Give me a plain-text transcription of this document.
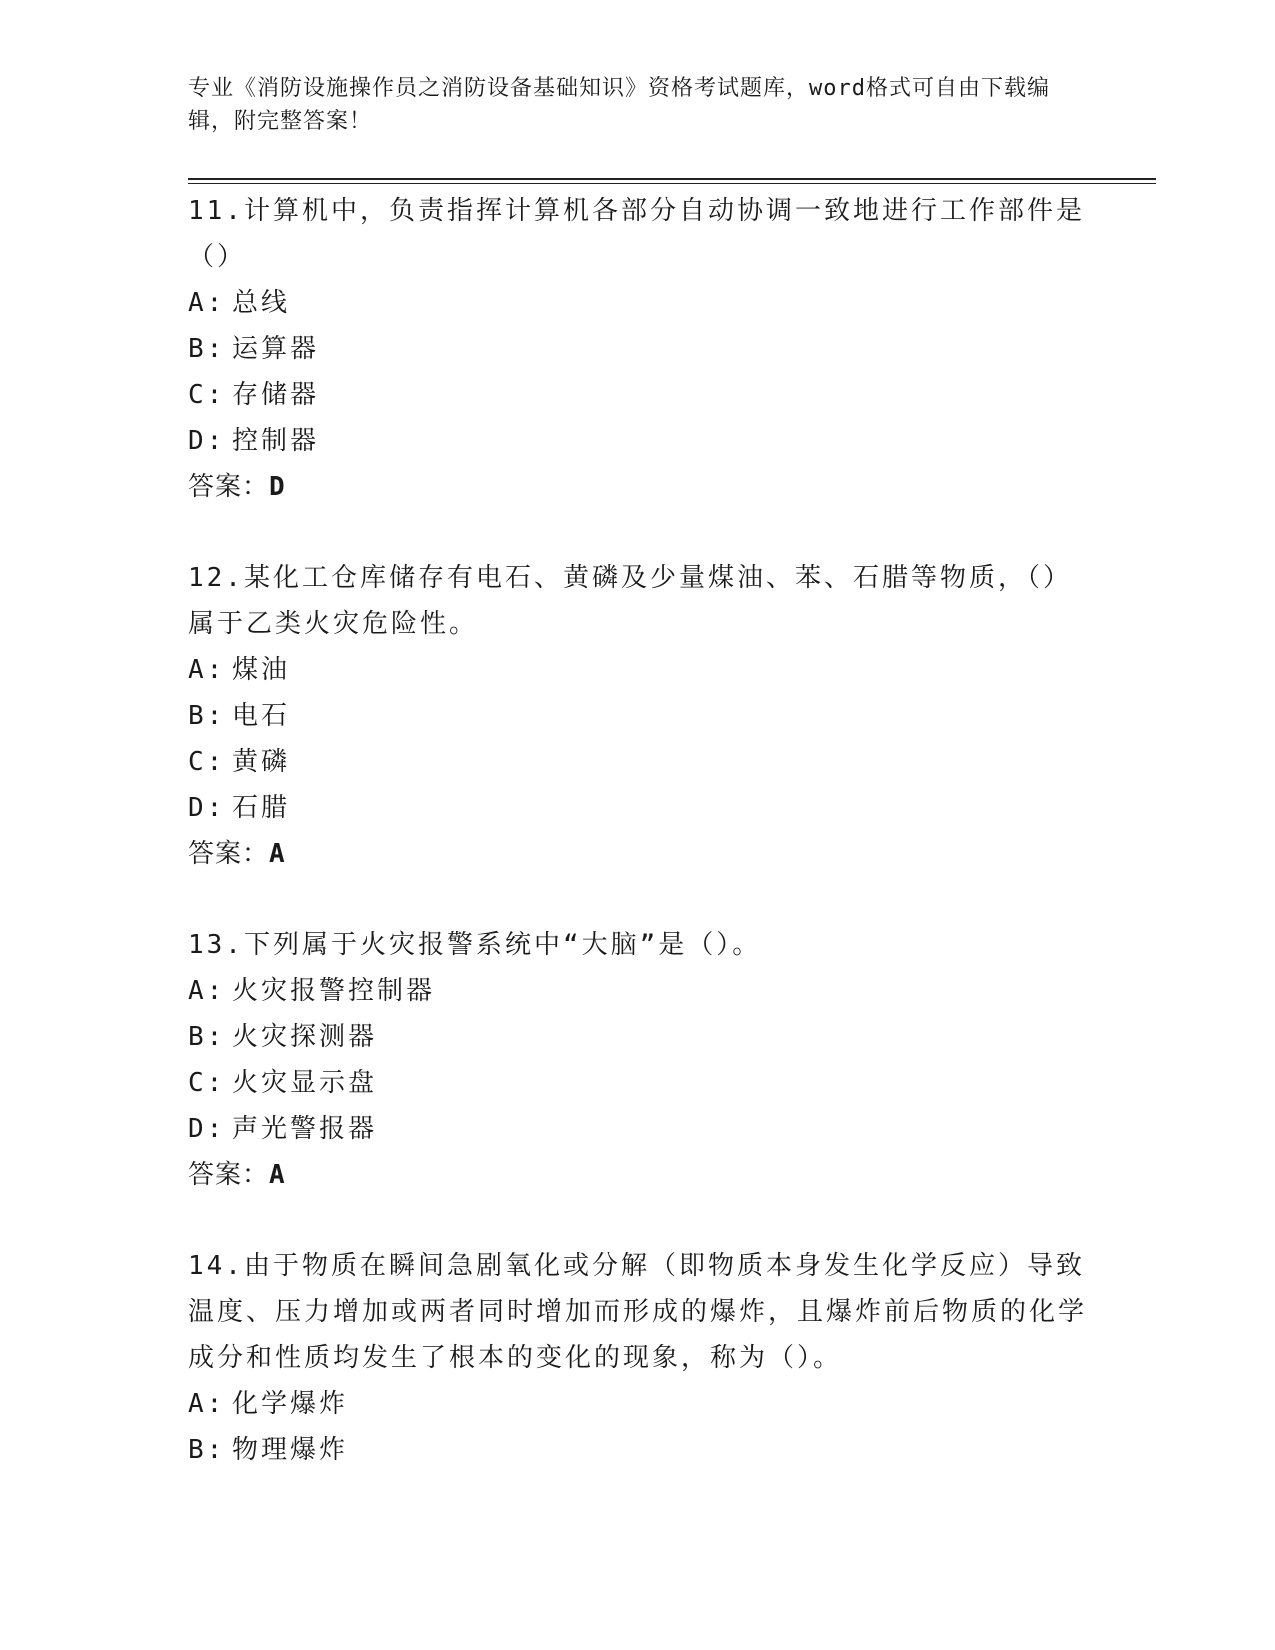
专业《消防设施操作员之消防设备基础知识》资格考试题库，word格式可自由下载编辑，附完整答案！

11.计算机中，负责指挥计算机各部分自动协调一致地进行工作部件是（）

A: 总线
B: 运算器
C: 存储器
D: 控制器
答案：D

12.某化工仓库储存有电石、黄磷及少量煤油、苯、石腊等物质，（）属于乙类火灾危险性。

A: 煤油
B: 电石
C: 黄磷
D: 石腊
答案：A

13.下列属于火灾报警系统中“大脑”是（）。

A: 火灾报警控制器
B: 火灾探测器
C: 火灾显示盘
D: 声光警报器
答案：A

14.由于物质在瞬间急剧氧化或分解（即物质本身发生化学反应）导致温度、压力增加或两者同时增加而形成的爆炸，且爆炸前后物质的化学成分和性质均发生了根本的变化的现象，称为（）。

A: 化学爆炸
B: 物理爆炸
